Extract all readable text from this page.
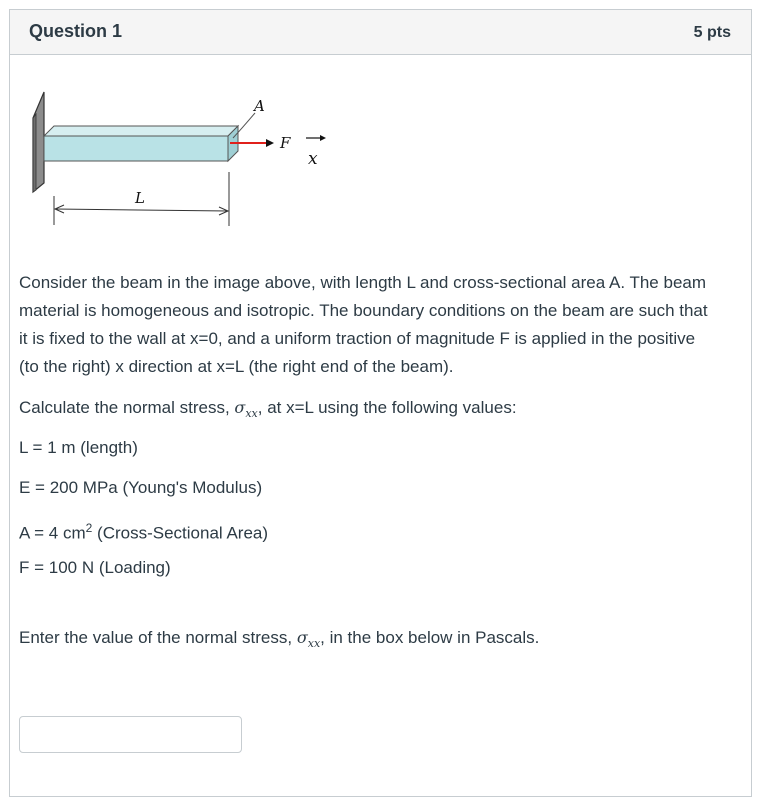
Question 1	5 pts
A
F
x
L

Consider the beam in the image above, with length L and cross-sectional area A. The beam material is homogeneous and isotropic. The boundary conditions on the beam are such that it is fixed to the wall at x=0, and a uniform traction of magnitude F is applied in the positive (to the right) x direction at x=L (the right end of the beam).

Calculate the normal stress, $\sigma_{xx}$, at x=L using the following values:

L = 1 m (length)

E = 200 MPa (Young's Modulus)

A = 4 $cm^2$ (Cross-Sectional Area)

F = 100 N (Loading)

Enter the value of the normal stress, $\sigma_{xx}$, in the box below in Pascals.
